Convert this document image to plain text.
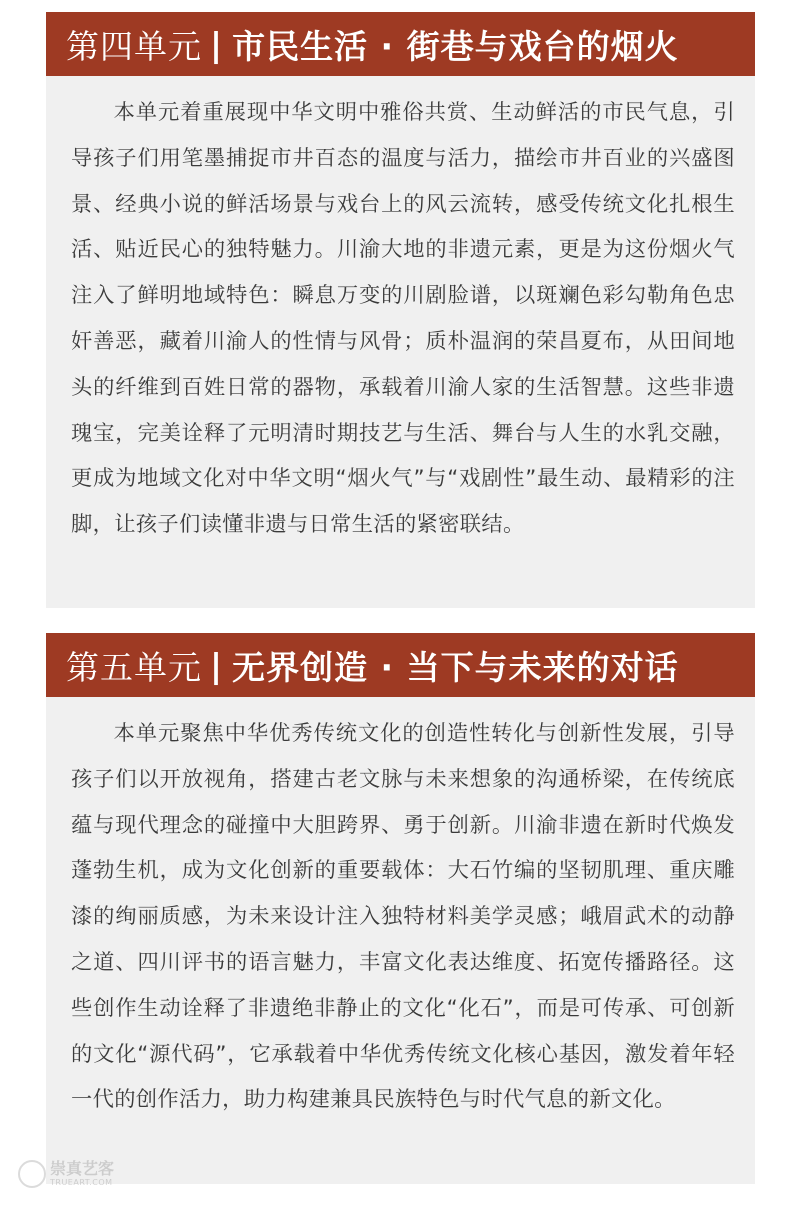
第四单元 | 市民生活 · 街巷与戏台的烟火

本单元着重展现中华文明中雅俗共赏、生动鲜活的市民气息，引导孩子们用笔墨捕捉市井百态的温度与活力，描绘市井百业的兴盛图景、经典小说的鲜活场景与戏台上的风云流转，感受传统文化扎根生活、贴近民心的独特魅力。川渝大地的非遗元素，更是为这份烟火气注入了鲜明地域特色：瞬息万变的川剧脸谱，以斑斓色彩勾勒角色忠奸善恶，藏着川渝人的性情与风骨；质朴温润的荣昌夏布，从田间地头的纤维到百姓日常的器物，承载着川渝人家的生活智慧。这些非遗瑰宝，完美诠释了元明清时期技艺与生活、舞台与人生的水乳交融，更成为地域文化对中华文明“烟火气”与“戏剧性”最生动、最精彩的注脚，让孩子们读懂非遗与日常生活的紧密联结。

第五单元 | 无界创造 · 当下与未来的对话

本单元聚焦中华优秀传统文化的创造性转化与创新性发展，引导孩子们以开放视角，搭建古老文脉与未来想象的沟通桥梁，在传统底蕴与现代理念的碰撞中大胆跨界、勇于创新。川渝非遗在新时代焕发蓬勃生机，成为文化创新的重要载体：大石竹编的坚韧肌理、重庆雕漆的绚丽质感，为未来设计注入独特材料美学灵感；峨眉武术的动静之道、四川评书的语言魅力，丰富文化表达维度、拓宽传播路径。这些创作生动诠释了非遗绝非静止的文化“化石”，而是可传承、可创新的文化“源代码”，它承载着中华优秀传统文化核心基因，激发着年轻一代的创作活力，助力构建兼具民族特色与时代气息的新文化。

崇真艺客
TRUEART.COM
